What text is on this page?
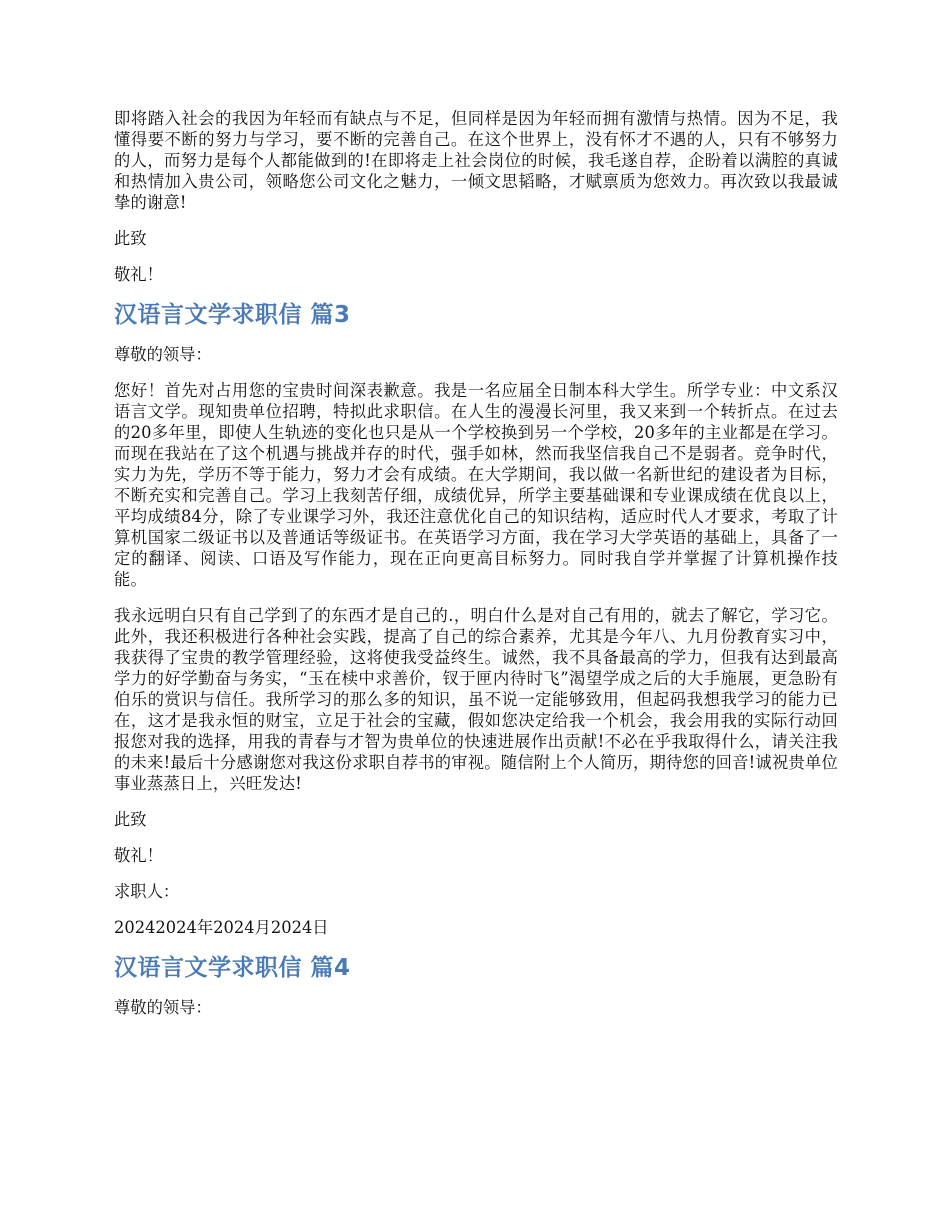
即将踏入社会的我因为年轻而有缺点与不足，但同样是因为年轻而拥有激情与热情。因为不足，我懂得要不断的努力与学习，要不断的完善自己。在这个世界上，没有怀才不遇的人，只有不够努力的人，而努力是每个人都能做到的!在即将走上社会岗位的时候，我毛遂自荐，企盼着以满腔的真诚和热情加入贵公司，领略您公司文化之魅力，一倾文思韬略，才赋禀质为您效力。再次致以我最诚挚的谢意!

此致

敬礼！

汉语言文学求职信 篇3

尊敬的领导：

您好！首先对占用您的宝贵时间深表歉意。我是一名应届全日制本科大学生。所学专业：中文系汉语言文学。现知贵单位招聘，特拟此求职信。在人生的漫漫长河里，我又来到一个转折点。在过去的20多年里，即使人生轨迹的变化也只是从一个学校换到另一个学校，20多年的主业都是在学习。而现在我站在了这个机遇与挑战并存的时代，强手如林，然而我坚信我自己不是弱者。竞争时代，实力为先，学历不等于能力，努力才会有成绩。在大学期间，我以做一名新世纪的建设者为目标，不断充实和完善自己。学习上我刻苦仔细，成绩优异，所学主要基础课和专业课成绩在优良以上，平均成绩84分，除了专业课学习外，我还注意优化自己的知识结构，适应时代人才要求，考取了计算机国家二级证书以及普通话等级证书。在英语学习方面，我在学习大学英语的基础上，具备了一定的翻译、阅读、口语及写作能力，现在正向更高目标努力。同时我自学并掌握了计算机操作技能。

我永远明白只有自己学到了的东西才是自己的.，明白什么是对自己有用的，就去了解它，学习它。此外，我还积极进行各种社会实践，提高了自己的综合素养，尤其是今年八、九月份教育实习中，我获得了宝贵的教学管理经验，这将使我受益终生。诚然，我不具备最高的学力，但我有达到最高学力的好学勤奋与务实，“玉在椟中求善价，钗于匣内待时飞”渴望学成之后的大手施展，更急盼有伯乐的赏识与信任。我所学习的那么多的知识，虽不说一定能够致用，但起码我想我学习的能力已在，这才是我永恒的财宝，立足于社会的宝藏，假如您决定给我一个机会，我会用我的实际行动回报您对我的选择，用我的青春与才智为贵单位的快速进展作出贡献!不必在乎我取得什么，请关注我的未来!最后十分感谢您对我这份求职自荐书的审视。随信附上个人简历，期待您的回音!诚祝贵单位事业蒸蒸日上，兴旺发达!

此致

敬礼！

求职人：

20242024年2024月2024日

汉语言文学求职信 篇4

尊敬的领导：
